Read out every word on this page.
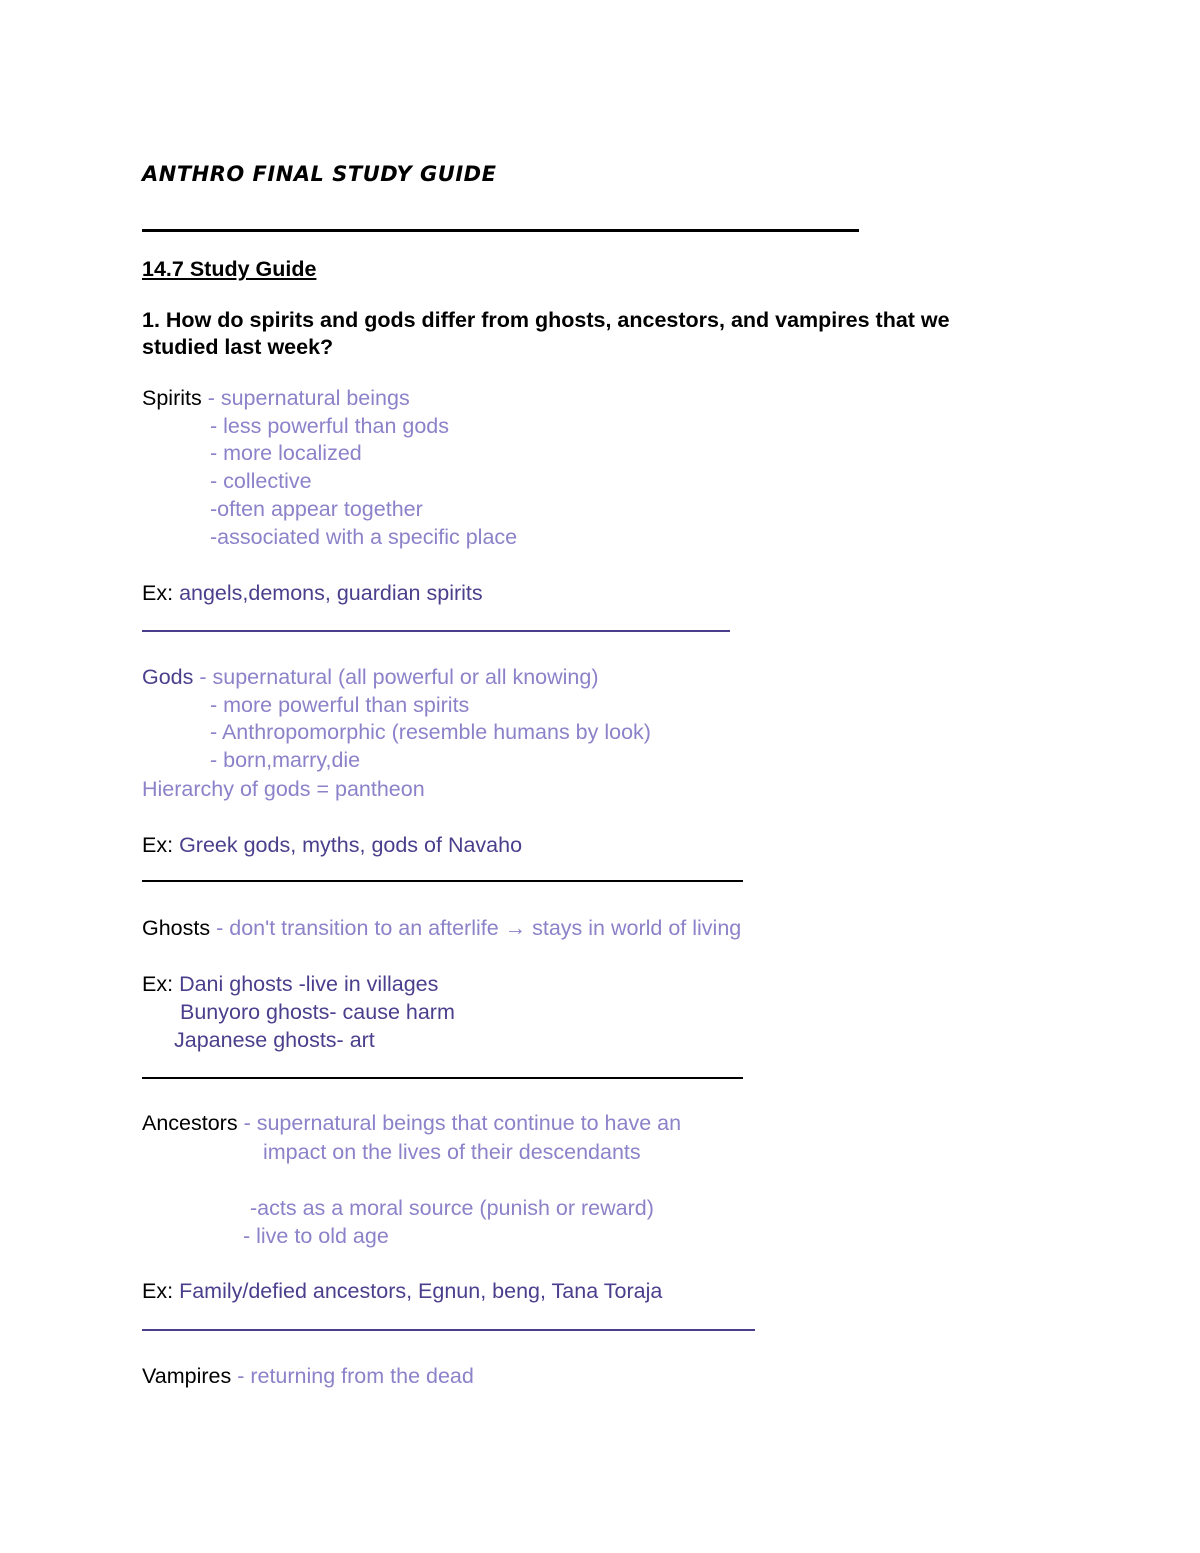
ANTHRO FINAL STUDY GUIDE
14.7 Study Guide
1. How do spirits and gods differ from ghosts, ancestors, and vampires that we
studied last week?
Spirits - supernatural beings
- less powerful than gods
- more localized
- collective
-often appear together
-associated with a specific place
Ex: angels,demons, guardian spirits
Gods - supernatural (all powerful or all knowing)
- more powerful than spirits
- Anthropomorphic (resemble humans by look)
- born,marry,die
Hierarchy of gods = pantheon
Ex: Greek gods, myths, gods of Navaho
Ghosts - don't transition to an afterlife → stays in world of living
Ex: Dani ghosts -live in villages
Bunyoro ghosts- cause harm
Japanese ghosts- art
Ancestors - supernatural beings that continue to have an
impact on the lives of their descendants
-acts as a moral source (punish or reward)
- live to old age
Ex: Family/defied ancestors, Egnun, beng, Tana Toraja
Vampires - returning from the dead
